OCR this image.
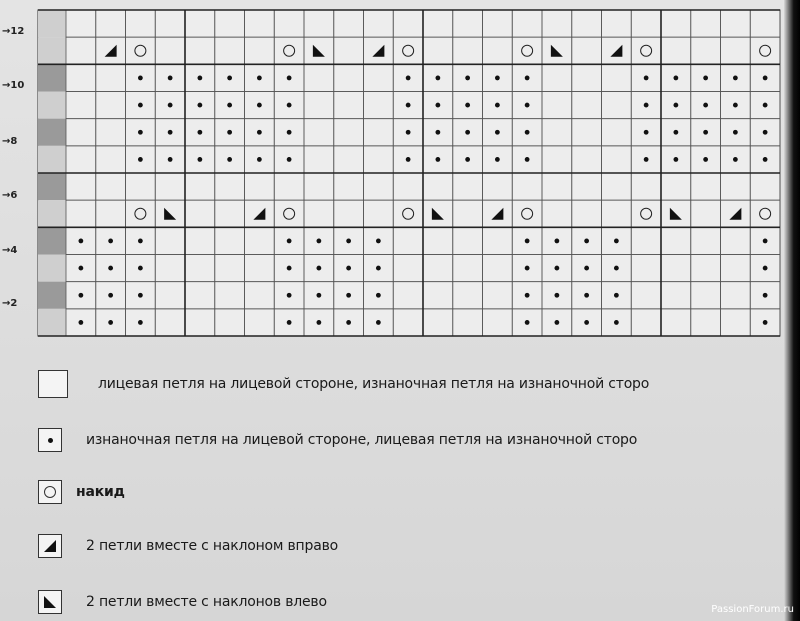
→12
→10
→8
→6
→4
→2
лицевая петля на лицевой стороне, изнаночная петля на изнаночной сторо
изнаночная петля на лицевой стороне, лицевая петля на изнаночной сторо
накид
2 петли вместе с наклоном вправо
2 петли вместе с наклонов влево	PassionForum.ru
